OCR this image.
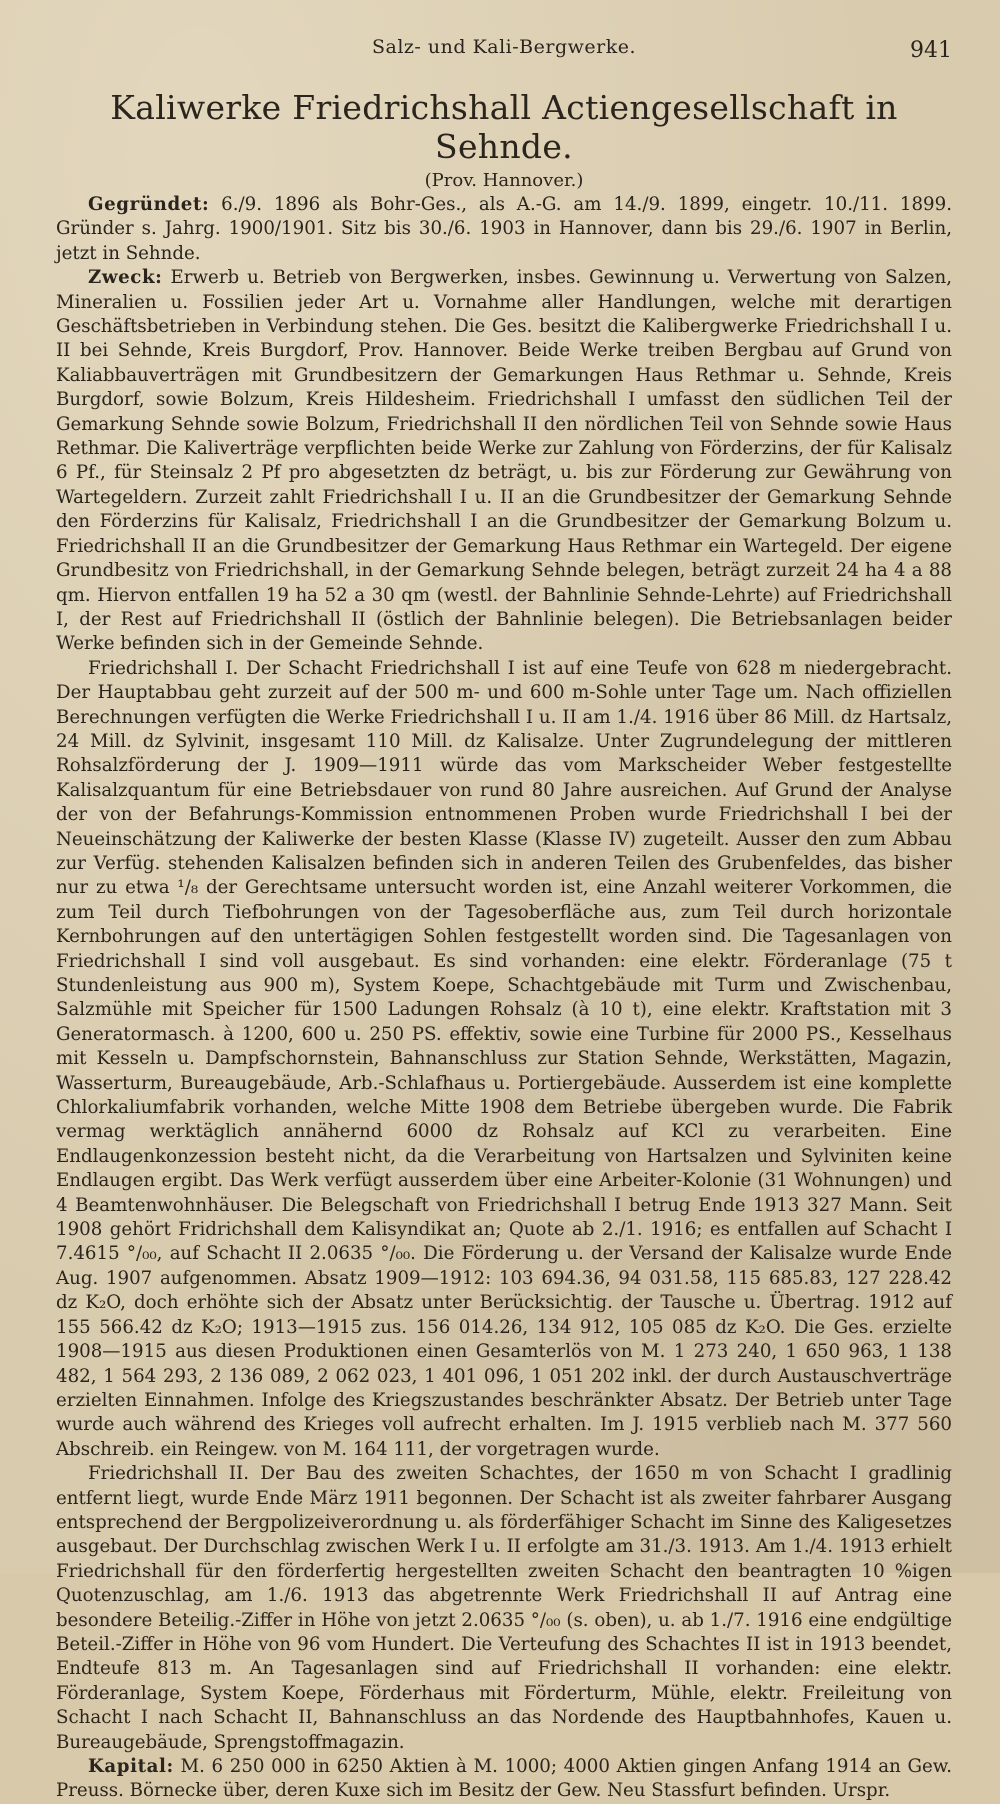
Salz- und Kali-Bergwerke.	941
Kaliwerke Friedrichshall Actiengesellschaft in Sehnde.
(Prov. Hannover.)

Gegründet: 6./9. 1896 als Bohr-Ges., als A.-G. am 14./9. 1899, eingetr. 10./11. 1899. Gründer s. Jahrg. 1900/1901. Sitz bis 30./6. 1903 in Hannover, dann bis 29./6. 1907 in Berlin, jetzt in Sehnde.

Zweck: Erwerb u. Betrieb von Bergwerken, insbes. Gewinnung u. Verwertung von Salzen, Mineralien u. Fossilien jeder Art u. Vornahme aller Handlungen, welche mit derartigen Geschäftsbetrieben in Verbindung stehen. Die Ges. besitzt die Kalibergwerke Friedrichshall I u. II bei Sehnde, Kreis Burgdorf, Prov. Hannover. Beide Werke treiben Bergbau auf Grund von Kaliabbauverträgen mit Grundbesitzern der Gemarkungen Haus Rethmar u. Sehnde, Kreis Burgdorf, sowie Bolzum, Kreis Hildesheim. Friedrichshall I umfasst den südlichen Teil der Gemarkung Sehnde sowie Bolzum, Friedrichshall II den nördlichen Teil von Sehnde sowie Haus Rethmar. Die Kaliverträge verpflichten beide Werke zur Zahlung von Förderzins, der für Kalisalz 6 Pf., für Steinsalz 2 Pf pro abgesetzten dz beträgt, u. bis zur Förderung zur Gewährung von Wartegeldern. Zurzeit zahlt Friedrichshall I u. II an die Grundbesitzer der Gemarkung Sehnde den Förderzins für Kalisalz, Friedrichshall I an die Grundbesitzer der Gemarkung Bolzum u. Friedrichshall II an die Grundbesitzer der Gemarkung Haus Rethmar ein Wartegeld. Der eigene Grundbesitz von Friedrichshall, in der Gemarkung Sehnde belegen, beträgt zurzeit 24 ha 4 a 88 qm. Hiervon entfallen 19 ha 52 a 30 qm (westl. der Bahnlinie Sehnde-Lehrte) auf Friedrichshall I, der Rest auf Friedrichshall II (östlich der Bahnlinie belegen). Die Betriebsanlagen beider Werke befinden sich in der Gemeinde Sehnde.

Friedrichshall I. Der Schacht Friedrichshall I ist auf eine Teufe von 628 m niedergebracht. Der Hauptabbau geht zurzeit auf der 500 m- und 600 m-Sohle unter Tage um. Nach offiziellen Berechnungen verfügten die Werke Friedrichshall I u. II am 1./4. 1916 über 86 Mill. dz Hartsalz, 24 Mill. dz Sylvinit, insgesamt 110 Mill. dz Kalisalze. Unter Zugrundelegung der mittleren Rohsalzförderung der J. 1909—1911 würde das vom Markscheider Weber festgestellte Kalisalzquantum für eine Betriebsdauer von rund 80 Jahre ausreichen. Auf Grund der Analyse der von der Befahrungs-Kommission entnommenen Proben wurde Friedrichshall I bei der Neueinschätzung der Kaliwerke der besten Klasse (Klasse IV) zugeteilt. Ausser den zum Abbau zur Verfüg. stehenden Kalisalzen befinden sich in anderen Teilen des Grubenfeldes, das bisher nur zu etwa ¹/₈ der Gerechtsame untersucht worden ist, eine Anzahl weiterer Vorkommen, die zum Teil durch Tiefbohrungen von der Tagesoberfläche aus, zum Teil durch horizontale Kernbohrungen auf den untertägigen Sohlen festgestellt worden sind. Die Tagesanlagen von Friedrichshall I sind voll ausgebaut. Es sind vorhanden: eine elektr. Förderanlage (75 t Stundenleistung aus 900 m), System Koepe, Schachtgebäude mit Turm und Zwischenbau, Salzmühle mit Speicher für 1500 Ladungen Rohsalz (à 10 t), eine elektr. Kraftstation mit 3 Generatormasch. à 1200, 600 u. 250 PS. effektiv, sowie eine Turbine für 2000 PS., Kesselhaus mit Kesseln u. Dampfschornstein, Bahnanschluss zur Station Sehnde, Werkstätten, Magazin, Wasserturm, Bureaugebäude, Arb.-Schlafhaus u. Portiergebäude. Ausserdem ist eine komplette Chlorkaliumfabrik vorhanden, welche Mitte 1908 dem Betriebe übergeben wurde. Die Fabrik vermag werktäglich annähernd 6000 dz Rohsalz auf KCl zu verarbeiten. Eine Endlaugenkonzession besteht nicht, da die Verarbeitung von Hartsalzen und Sylviniten keine Endlaugen ergibt. Das Werk verfügt ausserdem über eine Arbeiter-Kolonie (31 Wohnungen) und 4 Beamtenwohnhäuser. Die Belegschaft von Friedrichshall I betrug Ende 1913 327 Mann. Seit 1908 gehört Fridrichshall dem Kalisyndikat an; Quote ab 2./1. 1916; es entfallen auf Schacht I 7.4615 °/₀₀, auf Schacht II 2.0635 °/₀₀. Die Förderung u. der Versand der Kalisalze wurde Ende Aug. 1907 aufgenommen. Absatz 1909—1912: 103 694.36, 94 031.58, 115 685.83, 127 228.42 dz K₂O, doch erhöhte sich der Absatz unter Berücksichtig. der Tausche u. Übertrag. 1912 auf 155 566.42 dz K₂O; 1913—1915 zus. 156 014.26, 134 912, 105 085 dz K₂O. Die Ges. erzielte 1908—1915 aus diesen Produktionen einen Gesamterlös von M. 1 273 240, 1 650 963, 1 138 482, 1 564 293, 2 136 089, 2 062 023, 1 401 096, 1 051 202 inkl. der durch Austauschverträge erzielten Einnahmen. Infolge des Kriegszustandes beschränkter Absatz. Der Betrieb unter Tage wurde auch während des Krieges voll aufrecht erhalten. Im J. 1915 verblieb nach M. 377 560 Abschreib. ein Reingew. von M. 164 111, der vorgetragen wurde.

Friedrichshall II. Der Bau des zweiten Schachtes, der 1650 m von Schacht I gradlinig entfernt liegt, wurde Ende März 1911 begonnen. Der Schacht ist als zweiter fahrbarer Ausgang entsprechend der Bergpolizeiverordnung u. als förderfähiger Schacht im Sinne des Kaligesetzes ausgebaut. Der Durchschlag zwischen Werk I u. II erfolgte am 31./3. 1913. Am 1./4. 1913 erhielt Friedrichshall für den förderfertig hergestellten zweiten Schacht den beantragten 10 %igen Quotenzuschlag, am 1./6. 1913 das abgetrennte Werk Friedrichshall II auf Antrag eine besondere Beteilig.-Ziffer in Höhe von jetzt 2.0635 °/₀₀ (s. oben), u. ab 1./7. 1916 eine endgültige Beteil.-Ziffer in Höhe von 96 vom Hundert. Die Verteufung des Schachtes II ist in 1913 beendet, Endteufe 813 m. An Tagesanlagen sind auf Friedrichshall II vorhanden: eine elektr. Förderanlage, System Koepe, Förderhaus mit Förderturm, Mühle, elektr. Freileitung von Schacht I nach Schacht II, Bahnanschluss an das Nordende des Hauptbahnhofes, Kauen u. Bureaugebäude, Sprengstoffmagazin.

Kapital: M. 6 250 000 in 6250 Aktien à M. 1000; 4000 Aktien gingen Anfang 1914 an Gew. Preuss. Börnecke über, deren Kuxe sich im Besitz der Gew. Neu Stassfurt befinden. Urspr.
